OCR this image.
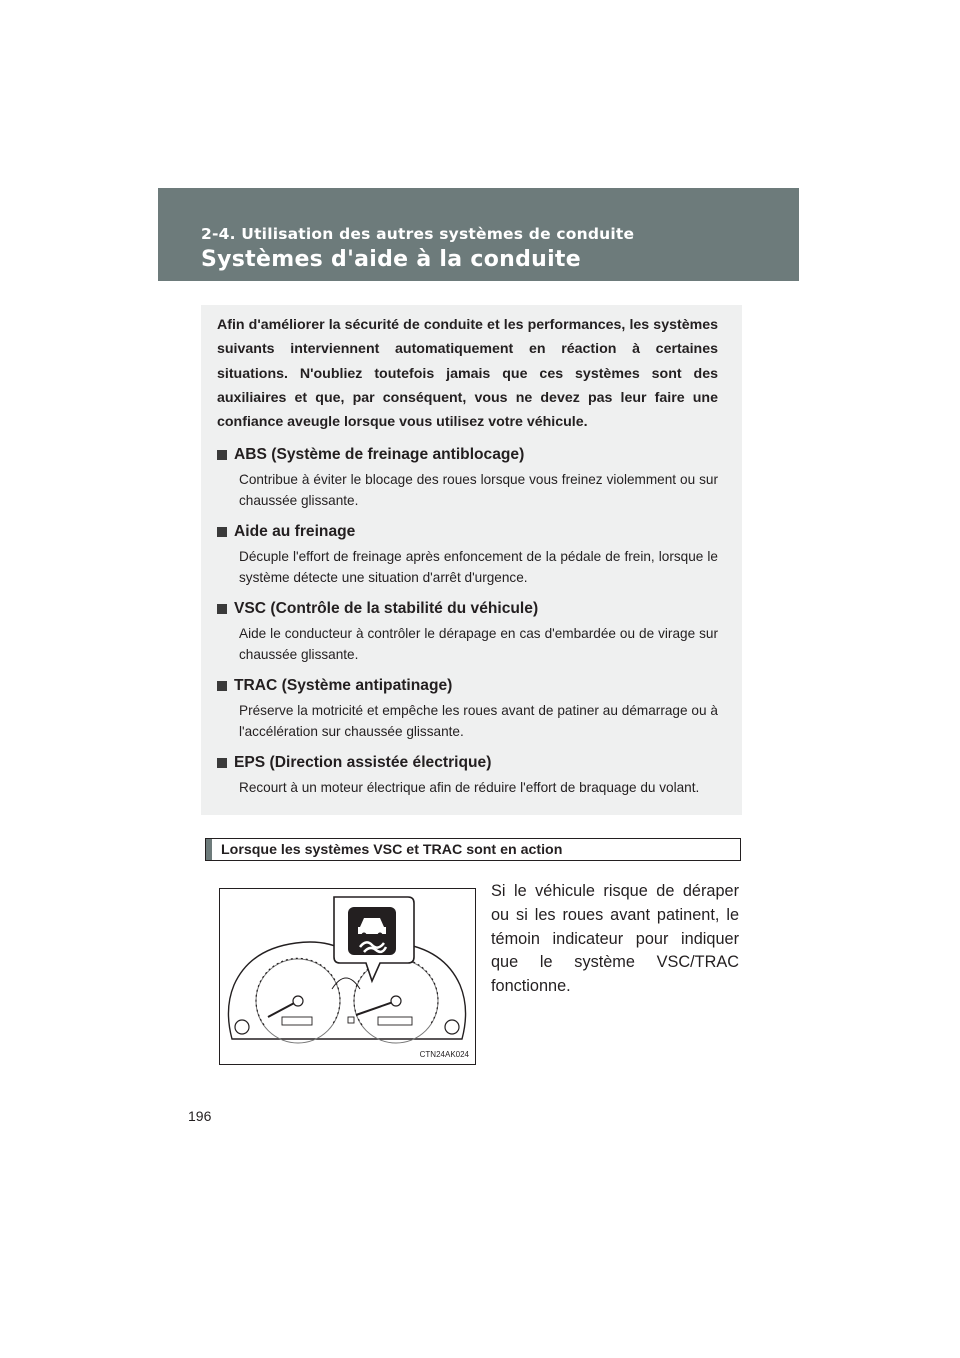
2-4. Utilisation des autres systèmes de conduite
Systèmes d'aide à la conduite

Afin d'améliorer la sécurité de conduite et les performances, les systèmes suivants interviennent automatiquement en réaction à certaines situations. N'oubliez toutefois jamais que ces systèmes sont des auxiliaires et que, par conséquent, vous ne devez pas leur faire une confiance aveugle lorsque vous utilisez votre véhicule.

ABS (Système de freinage antiblocage)

Contribue à éviter le blocage des roues lorsque vous freinez violemment ou sur chaussée glissante.

Aide au freinage

Décuple l'effort de freinage après enfoncement de la pédale de frein, lorsque le système détecte une situation d'arrêt d'urgence.

VSC (Contrôle de la stabilité du véhicule)

Aide le conducteur à contrôler le dérapage en cas d'embardée ou de virage sur chaussée glissante.

TRAC (Système antipatinage)

Préserve la motricité et empêche les roues avant de patiner au démarrage ou à l'accélération sur chaussée glissante.

EPS (Direction assistée électrique)

Recourt à un moteur électrique afin de réduire l'effort de braquage du volant.

Lorsque les systèmes VSC et TRAC sont en action
CTN24AK024

Si le véhicule risque de déraper ou si les roues avant patinent, le témoin indicateur pour indiquer que le système VSC/TRAC fonctionne.

196
